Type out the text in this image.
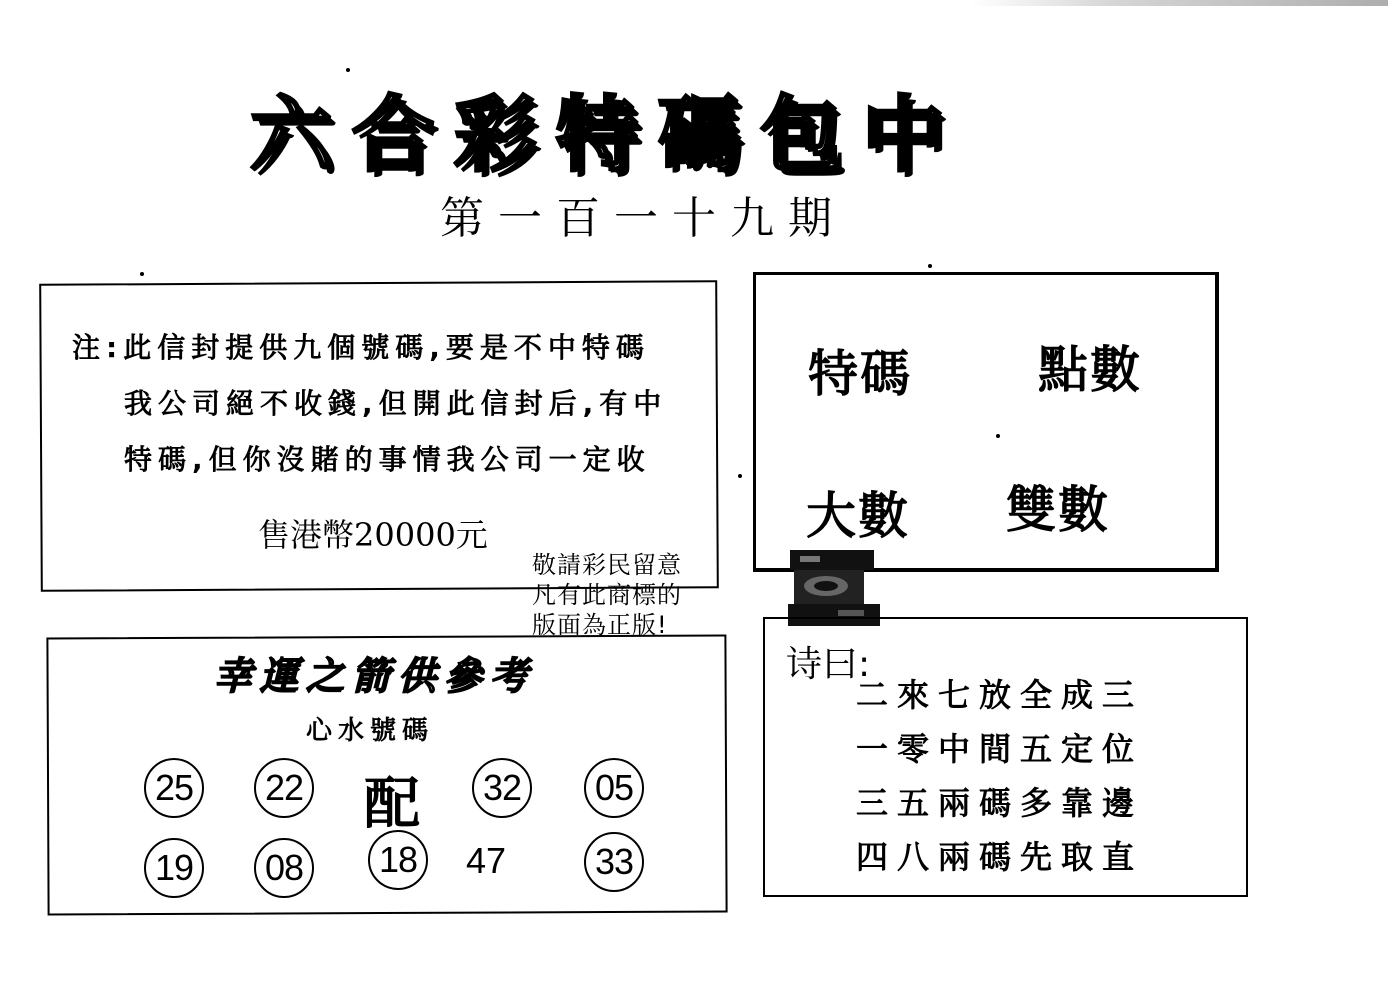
六合彩特碼包中
第一百一十九期
注:此信封提供九個號碼,要是不中特碼
我公司絕不收錢,但開此信封后,有中
特碼,但你沒賭的事情我公司一定收
售港幣20000元
特碼	點數
大數 雙數
敬請彩民留意
凡有此商標的
版面為正版!
幸運之箭供參考
心水號碼
25	22 配	32	05
19	08	18	47	33
诗曰:
二來七放全成三
一零中間五定位
三五兩碼多靠邊
四八兩碼先取直
